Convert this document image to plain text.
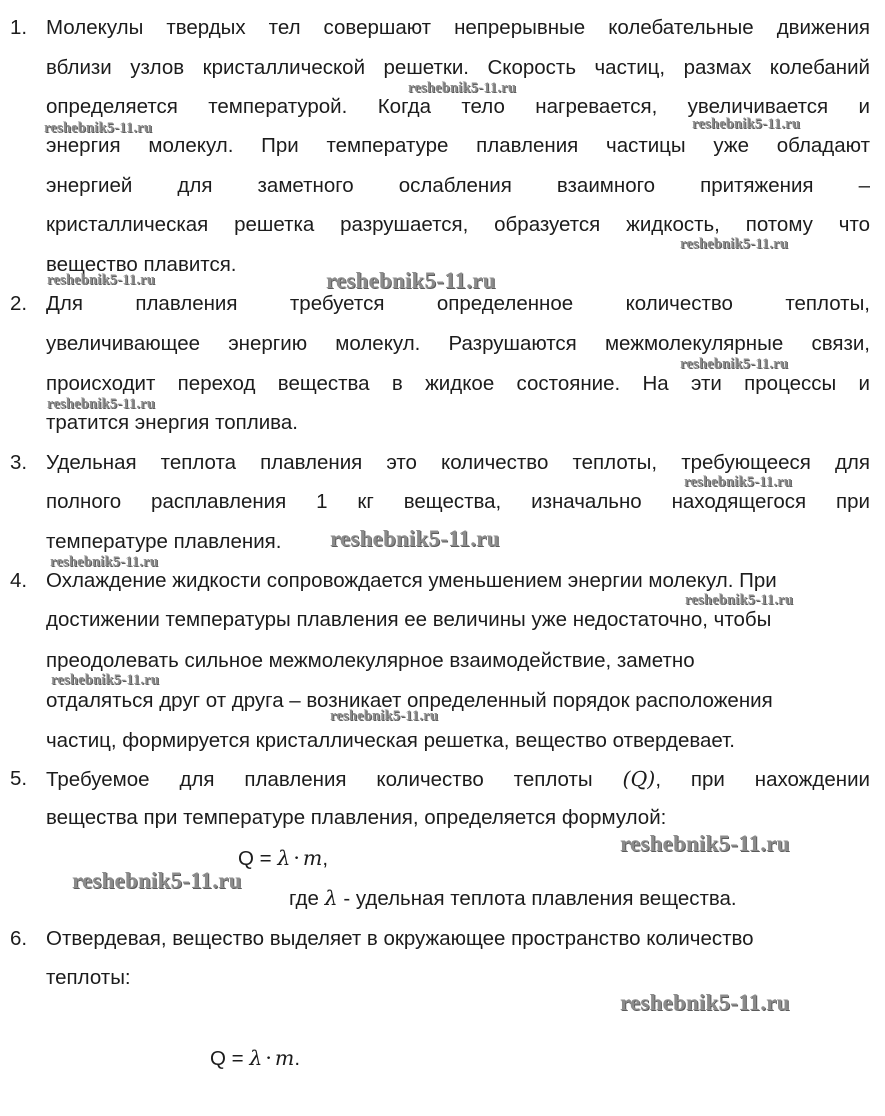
1. Молекулы твердых тел совершают непрерывные колебательные движения
вблизи узлов кристаллической решетки. Скорость частиц, размах колебаний
определяется температурой. Когда тело нагревается, увеличивается и
энергия молекул. При температуре плавления частицы уже обладают
энергией для заметного ослабления взаимного притяжения –
кристаллическая решетка разрушается, образуется жидкость, потому что
вещество плавится.
2. Для плавления требуется определенное количество теплоты,
увеличивающее энергию молекул. Разрушаются межмолекулярные связи,
происходит переход вещества в жидкое состояние. На эти процессы и
тратится энергия топлива.
3. Удельная теплота плавления это количество теплоты, требующееся для
полного расплавления 1 кг вещества, изначально находящегося при
температуре плавления.
4. Охлаждение жидкости сопровождается уменьшением энергии молекул. При
достижении температуры плавления ее величины уже недостаточно, чтобы
преодолевать сильное межмолекулярное взаимодействие, заметно
отдаляться друг от друга – возникает определенный порядок расположения
частиц, формируется кристаллическая решетка, вещество отвердевает.
5. Требуемое для плавления количество теплоты (Q), при нахождении
вещества при температуре плавления, определяется формулой:
Q = λ · m,
где λ - удельная теплота плавления вещества.
6. Отвердевая, вещество выделяет в окружающее пространство количество
теплоты:
Q = λ · m.
reshebnik5-11.ru
reshebnik5-11.ru	reshebnik5-11.ru
reshebnik5-11.ru
reshebnik5-11.ru	reshebnik5-11.ru
reshebnik5-11.ru
reshebnik5-11.ru
reshebnik5-11.ru
reshebnik5-11.ru
reshebnik5-11.ru
reshebnik5-11.ru
reshebnik5-11.ru
reshebnik5-11.ru
reshebnik5-11.ru
reshebnik5-11.ru
reshebnik5-11.ru
